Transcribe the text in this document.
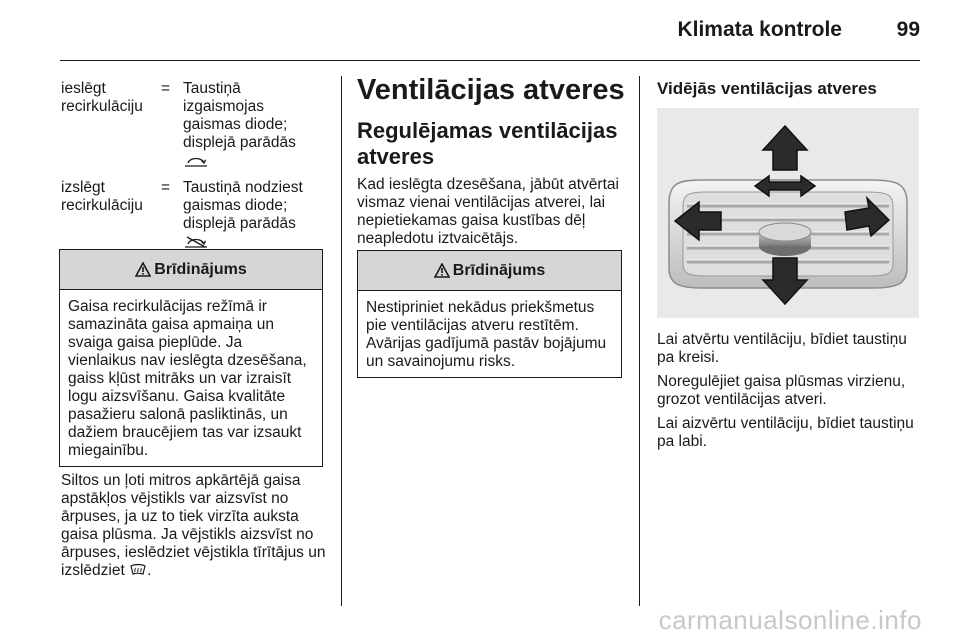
Klimata kontrole	99
ieslēgt recirkulāciju
= Taustiņā izgaismojas gaismas diode; displejā parādās
izslēgt recirkulāciju
= Taustiņā nodziest gaismas diode; displejā parādās
Brīdinājums
Gaisa recirkulācijas režīmā ir samazināta gaisa apmaiņa un svaiga gaisa pieplūde. Ja vienlaikus nav ieslēgta dzesēšana, gaiss kļūst mitrāks un var izraisīt logu aizsvīšanu. Gaisa kvalitāte pasažieru salonā pasliktinās, un dažiem braucējiem tas var izsaukt miegainību.
Siltos un ļoti mitros apkārtējā gaisa apstākļos vējstikls var aizsvīst no ārpuses, ja uz to tiek virzīta auksta gaisa plūsma. Ja vējstikls aizsvīst no ārpuses, ieslēdziet vējstikla tīrītājus un izslēdziet .
Ventilācijas atveres
Regulējamas ventilācijas atveres
Kad ieslēgta dzesēšana, jābūt atvērtai vismaz vienai ventilācijas atverei, lai nepietiekamas gaisa kustības dēļ neapledotu iztvaicētājs.
Brīdinājums
Nestipriniet nekādus priekšmetus pie ventilācijas atveru restītēm. Avārijas gadījumā pastāv bojājumu un savainojumu risks.
Vidējās ventilācijas atveres
Lai atvērtu ventilāciju, bīdiet taustiņu pa kreisi.
Noregulējiet gaisa plūsmas virzienu, grozot ventilācijas atveri.
Lai aizvērtu ventilāciju, bīdiet taustiņu pa labi.
carmanualsonline.info
